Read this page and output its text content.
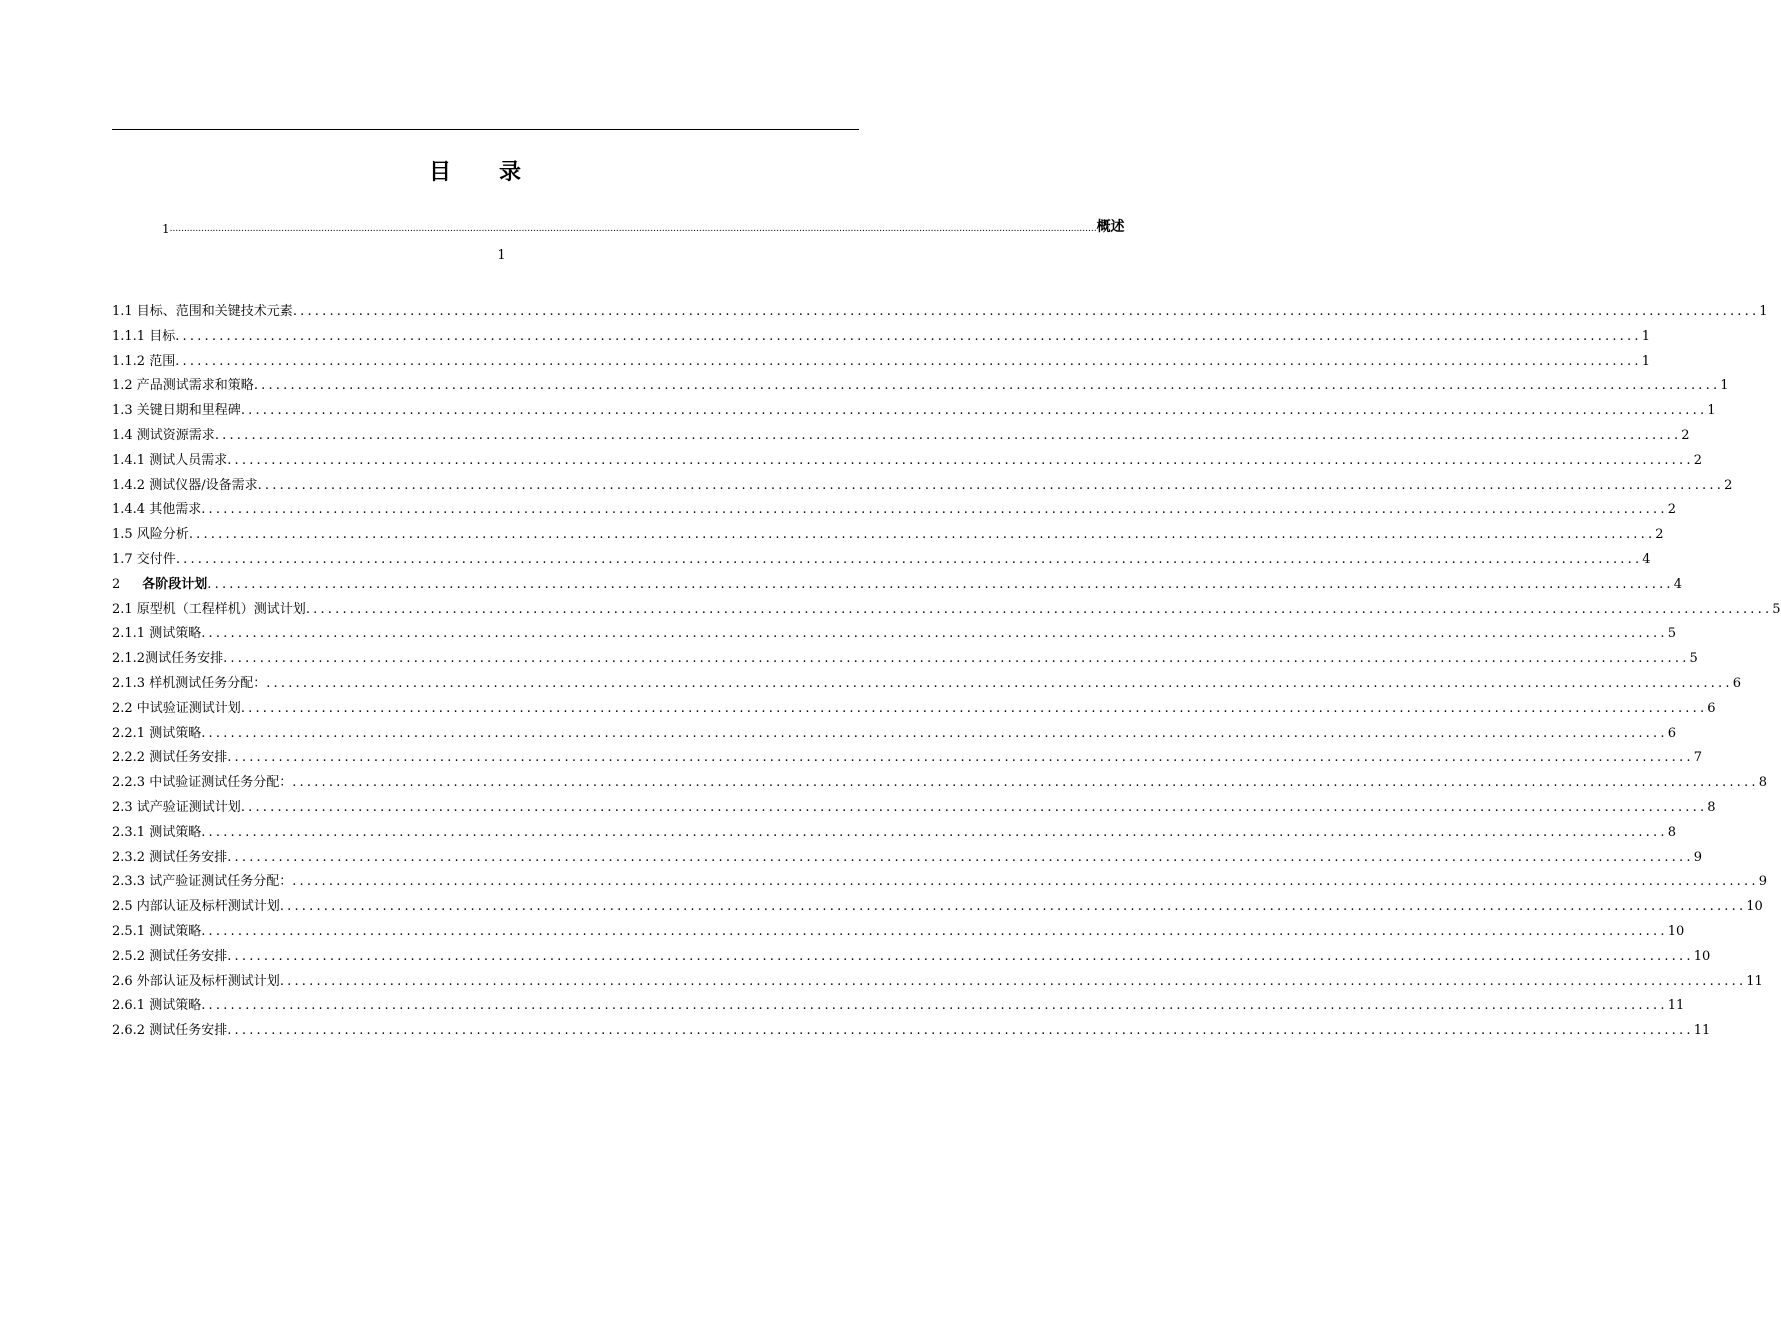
目 录
1 .................................................................................................................................................................................................................................................................................................................................... 概述
1
1.1 目标、范围和关键技术元素 ........................................................................................................................................................................................................ 1
1.1.1 目标 ........................................................................................................................................................................................................ 1
1.1.2 范围 ........................................................................................................................................................................................................ 1
1.2 产品测试需求和策略 ........................................................................................................................................................................................................ 1
1.3 关键日期和里程碑 ........................................................................................................................................................................................................ 1
1.4 测试资源需求 ........................................................................................................................................................................................................ 2
1.4.1 测试人员需求 ........................................................................................................................................................................................................ 2
1.4.2 测试仪器/设备需求 ........................................................................................................................................................................................................ 2
1.4.4 其他需求 ........................................................................................................................................................................................................ 2
1.5 风险分析 ........................................................................................................................................................................................................ 2
1.7 交付件 ........................................................................................................................................................................................................ 4
2 各阶段计划 ........................................................................................................................................................................................................ 4
2.1 原型机（工程样机）测试计划 ........................................................................................................................................................................................................ 5
2.1.1 测试策略 ........................................................................................................................................................................................................ 5
2.1.2测试任务安排 ........................................................................................................................................................................................................ 5
2.1.3 样机测试任务分配： ........................................................................................................................................................................................................ 6
2.2 中试验证测试计划 ........................................................................................................................................................................................................ 6
2.2.1 测试策略 ........................................................................................................................................................................................................ 6
2.2.2 测试任务安排 ........................................................................................................................................................................................................ 7
2.2.3 中试验证测试任务分配： ........................................................................................................................................................................................................ 8
2.3 试产验证测试计划 ........................................................................................................................................................................................................ 8
2.3.1 测试策略 ........................................................................................................................................................................................................ 8
2.3.2 测试任务安排 ........................................................................................................................................................................................................ 9
2.3.3 试产验证测试任务分配： ........................................................................................................................................................................................................ 9
2.5 内部认证及标杆测试计划 ........................................................................................................................................................................................................ 10
2.5.1 测试策略 ........................................................................................................................................................................................................ 10
2.5.2 测试任务安排 ........................................................................................................................................................................................................ 10
2.6 外部认证及标杆测试计划 ........................................................................................................................................................................................................ 11
2.6.1 测试策略 ........................................................................................................................................................................................................ 11
2.6.2 测试任务安排 ........................................................................................................................................................................................................ 11
